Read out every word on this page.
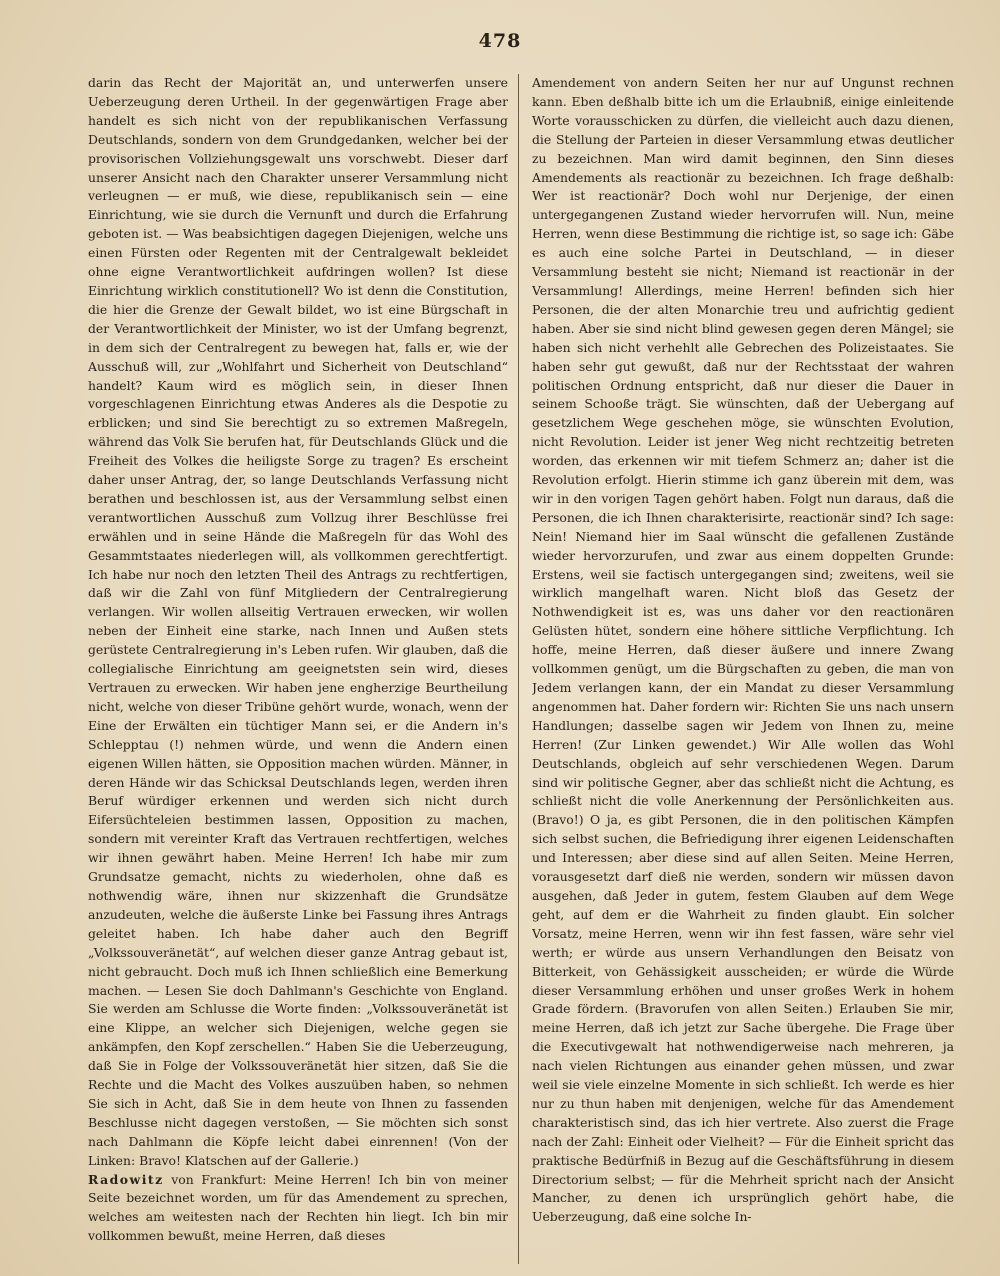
478

darin das Recht der Majorität an, und unterwerfen unsere Ueberzeugung deren Urtheil. In der gegenwärtigen Frage aber handelt es sich nicht von der republikanischen Verfassung Deutschlands, sondern von dem Grundgedanken, welcher bei der provisorischen Vollziehungsgewalt uns vorschwebt. Dieser darf unserer Ansicht nach den Charakter unserer Versammlung nicht verleugnen — er muß, wie diese, republikanisch sein — eine Einrichtung, wie sie durch die Vernunft und durch die Erfahrung geboten ist. — Was beabsichtigen dagegen Diejenigen, welche uns einen Fürsten oder Regenten mit der Centralgewalt bekleidet ohne eigne Verantwortlichkeit aufdringen wollen? Ist diese Einrichtung wirklich constitutionell? Wo ist denn die Constitution, die hier die Grenze der Gewalt bildet, wo ist eine Bürgschaft in der Verantwortlichkeit der Minister, wo ist der Umfang begrenzt, in dem sich der Centralregent zu bewegen hat, falls er, wie der Ausschuß will, zur „Wohlfahrt und Sicherheit von Deutschland“ handelt? Kaum wird es möglich sein, in dieser Ihnen vorgeschlagenen Einrichtung etwas Anderes als die Despotie zu erblicken; und sind Sie berechtigt zu so extremen Maßregeln, während das Volk Sie berufen hat, für Deutschlands Glück und die Freiheit des Volkes die heiligste Sorge zu tragen? Es erscheint daher unser Antrag, der, so lange Deutschlands Verfassung nicht berathen und beschlossen ist, aus der Versammlung selbst einen verantwortlichen Ausschuß zum Vollzug ihrer Beschlüsse frei erwählen und in seine Hände die Maßregeln für das Wohl des Gesammtstaates niederlegen will, als vollkommen gerechtfertigt. Ich habe nur noch den letzten Theil des Antrags zu rechtfertigen, daß wir die Zahl von fünf Mitgliedern der Centralregierung verlangen. Wir wollen allseitig Vertrauen erwecken, wir wollen neben der Einheit eine starke, nach Innen und Außen stets gerüstete Centralregierung in's Leben rufen. Wir glauben, daß die collegialische Einrichtung am geeignetsten sein wird, dieses Vertrauen zu erwecken. Wir haben jene engherzige Beurtheilung nicht, welche von dieser Tribüne gehört wurde, wonach, wenn der Eine der Erwälten ein tüchtiger Mann sei, er die Andern in's Schlepptau (!) nehmen würde, und wenn die Andern einen eigenen Willen hätten, sie Opposition machen würden. Männer, in deren Hände wir das Schicksal Deutschlands legen, werden ihren Beruf würdiger erkennen und werden sich nicht durch Eifersüchteleien bestimmen lassen, Opposition zu machen, sondern mit vereinter Kraft das Vertrauen rechtfertigen, welches wir ihnen gewährt haben. Meine Herren! Ich habe mir zum Grundsatze gemacht, nichts zu wiederholen, ohne daß es nothwendig wäre, ihnen nur skizzenhaft die Grundsätze anzudeuten, welche die äußerste Linke bei Fassung ihres Antrags geleitet haben. Ich habe daher auch den Begriff „Volkssouveränetät“, auf welchen dieser ganze Antrag gebaut ist, nicht gebraucht. Doch muß ich Ihnen schließlich eine Bemerkung machen. — Lesen Sie doch Dahlmann's Geschichte von England. Sie werden am Schlusse die Worte finden: „Volkssouveränetät ist eine Klippe, an welcher sich Diejenigen, welche gegen sie ankämpfen, den Kopf zerschellen.“ Haben Sie die Ueberzeugung, daß Sie in Folge der Volkssouveränetät hier sitzen, daß Sie die Rechte und die Macht des Volkes auszuüben haben, so nehmen Sie sich in Acht, daß Sie in dem heute von Ihnen zu fassenden Beschlusse nicht dagegen verstoßen, — Sie möchten sich sonst nach Dahlmann die Köpfe leicht dabei einrennen! (Von der Linken: Bravo! Klatschen auf der Gallerie.)

Radowitz von Frankfurt: Meine Herren! Ich bin von meiner Seite bezeichnet worden, um für das Amendement zu sprechen, welches am weitesten nach der Rechten hin liegt. Ich bin mir vollkommen bewußt, meine Herren, daß dieses

Amendement von andern Seiten her nur auf Ungunst rechnen kann. Eben deßhalb bitte ich um die Erlaubniß, einige einleitende Worte vorausschicken zu dürfen, die vielleicht auch dazu dienen, die Stellung der Parteien in dieser Versammlung etwas deutlicher zu bezeichnen. Man wird damit beginnen, den Sinn dieses Amendements als reactionär zu bezeichnen. Ich frage deßhalb: Wer ist reactionär? Doch wohl nur Derjenige, der einen untergegangenen Zustand wieder hervorrufen will. Nun, meine Herren, wenn diese Bestimmung die richtige ist, so sage ich: Gäbe es auch eine solche Partei in Deutschland, — in dieser Versammlung besteht sie nicht; Niemand ist reactionär in der Versammlung! Allerdings, meine Herren! befinden sich hier Personen, die der alten Monarchie treu und aufrichtig gedient haben. Aber sie sind nicht blind gewesen gegen deren Mängel; sie haben sich nicht verhehlt alle Gebrechen des Polizeistaates. Sie haben sehr gut gewußt, daß nur der Rechtsstaat der wahren politischen Ordnung entspricht, daß nur dieser die Dauer in seinem Schooße trägt. Sie wünschten, daß der Uebergang auf gesetzlichem Wege geschehen möge, sie wünschten Evolution, nicht Revolution. Leider ist jener Weg nicht rechtzeitig betreten worden, das erkennen wir mit tiefem Schmerz an; daher ist die Revolution erfolgt. Hierin stimme ich ganz überein mit dem, was wir in den vorigen Tagen gehört haben. Folgt nun daraus, daß die Personen, die ich Ihnen charakterisirte, reactionär sind? Ich sage: Nein! Niemand hier im Saal wünscht die gefallenen Zustände wieder hervorzurufen, und zwar aus einem doppelten Grunde: Erstens, weil sie factisch untergegangen sind; zweitens, weil sie wirklich mangelhaft waren. Nicht bloß das Gesetz der Nothwendigkeit ist es, was uns daher vor den reactionären Gelüsten hütet, sondern eine höhere sittliche Verpflichtung. Ich hoffe, meine Herren, daß dieser äußere und innere Zwang vollkommen genügt, um die Bürgschaften zu geben, die man von Jedem verlangen kann, der ein Mandat zu dieser Versammlung angenommen hat. Daher fordern wir: Richten Sie uns nach unsern Handlungen; dasselbe sagen wir Jedem von Ihnen zu, meine Herren! (Zur Linken gewendet.) Wir Alle wollen das Wohl Deutschlands, obgleich auf sehr verschiedenen Wegen. Darum sind wir politische Gegner, aber das schließt nicht die Achtung, es schließt nicht die volle Anerkennung der Persönlichkeiten aus. (Bravo!) O ja, es gibt Personen, die in den politischen Kämpfen sich selbst suchen, die Befriedigung ihrer eigenen Leidenschaften und Interessen; aber diese sind auf allen Seiten. Meine Herren, vorausgesetzt darf dieß nie werden, sondern wir müssen davon ausgehen, daß Jeder in gutem, festem Glauben auf dem Wege geht, auf dem er die Wahrheit zu finden glaubt. Ein solcher Vorsatz, meine Herren, wenn wir ihn fest fassen, wäre sehr viel werth; er würde aus unsern Verhandlungen den Beisatz von Bitterkeit, von Gehässigkeit ausscheiden; er würde die Würde dieser Versammlung erhöhen und unser großes Werk in hohem Grade fördern. (Bravorufen von allen Seiten.) Erlauben Sie mir, meine Herren, daß ich jetzt zur Sache übergehe. Die Frage über die Executivgewalt hat nothwendigerweise nach mehreren, ja nach vielen Richtungen aus einander gehen müssen, und zwar weil sie viele einzelne Momente in sich schließt. Ich werde es hier nur zu thun haben mit denjenigen, welche für das Amendement charakteristisch sind, das ich hier vertrete. Also zuerst die Frage nach der Zahl: Einheit oder Vielheit? — Für die Einheit spricht das praktische Bedürfniß in Bezug auf die Geschäftsführung in diesem Directorium selbst; — für die Mehrheit spricht nach der Ansicht Mancher, zu denen ich ursprünglich gehört habe, die Ueberzeugung, daß eine solche In-
